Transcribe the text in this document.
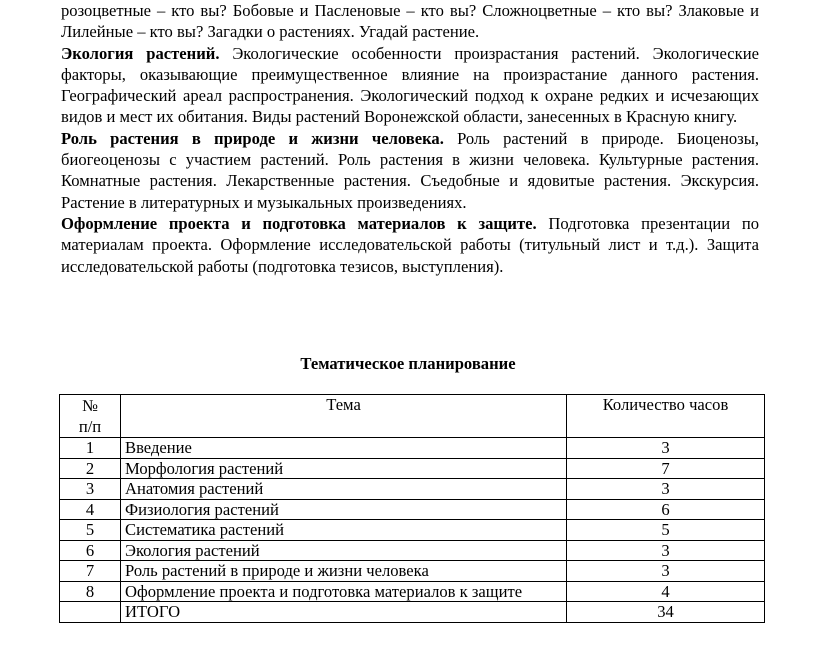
розоцветные – кто вы? Бобовые и Пасленовые – кто вы? Сложноцветные – кто вы? Злаковые и Лилейные – кто вы? Загадки о растениях. Угадай растение.

Экология растений. Экологические особенности произрастания растений. Экологические факторы, оказывающие преимущественное влияние на произрастание данного растения. Географический ареал распространения. Экологический подход к охране редких и исчезающих видов и мест их обитания. Виды растений Воронежской области, занесенных в Красную книгу.

Роль растения в природе и жизни человека. Роль растений в природе. Биоценозы, биогеоценозы с участием растений. Роль растения в жизни человека. Культурные растения. Комнатные растения. Лекарственные растения. Съедобные и ядовитые растения. Экскурсия. Растение в литературных и музыкальных произведениях.

Оформление проекта и подготовка материалов к защите. Подготовка презентации по материалам проекта. Оформление исследовательской работы (титульный лист и т.д.). Защита исследовательской работы (подготовка тезисов, выступления).

Тематическое планирование
№
п/п	Тема	Количество часов
1	Введение	3
2	Морфология растений	7
3	Анатомия растений	3
4	Физиология растений	6
5	Систематика растений	5
6	Экология растений	3
7	Роль растений в природе и жизни человека	3
8	Оформление проекта и подготовка материалов к защите	4
	ИТОГО	34
